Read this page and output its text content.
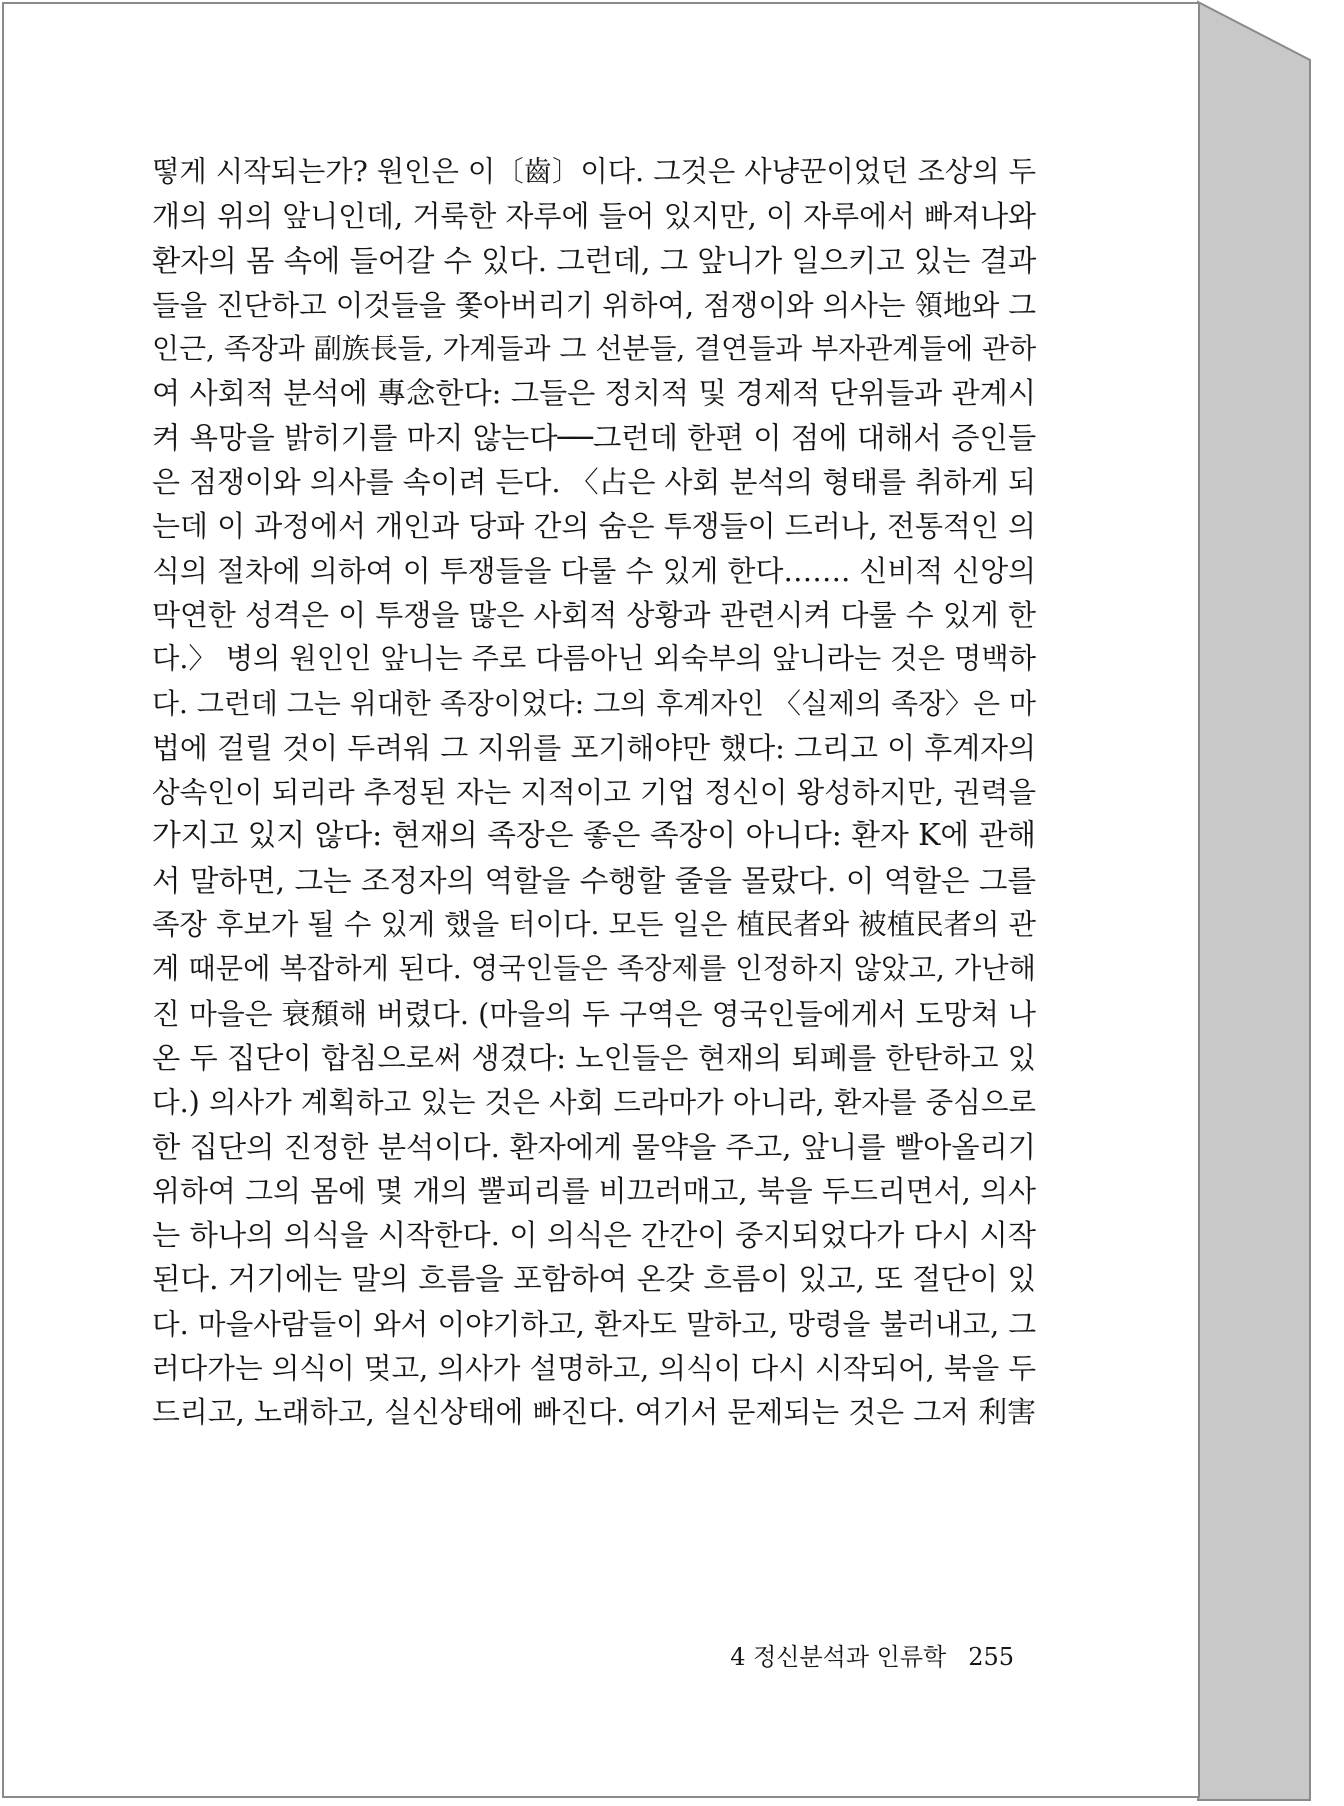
떻게 시작되는가? 원인은 이〔齒〕이다. 그것은 사냥꾼이었던 조상의 두
개의 위의 앞니인데, 거룩한 자루에 들어 있지만, 이 자루에서 빠져나와
환자의 몸 속에 들어갈 수 있다. 그런데, 그 앞니가 일으키고 있는 결과
들을 진단하고 이것들을 쫓아버리기 위하여, 점쟁이와 의사는 領地와 그
인근, 족장과 副族長들, 가계들과 그 선분들, 결연들과 부자관계들에 관하
여 사회적 분석에 專念한다: 그들은 정치적 및 경제적 단위들과 관계시
켜 욕망을 밝히기를 마지 않는다──그런데 한편 이 점에 대해서 증인들
은 점쟁이와 의사를 속이려 든다. 〈占은 사회 분석의 형태를 취하게 되
는데 이 과정에서 개인과 당파 간의 숨은 투쟁들이 드러나, 전통적인 의
식의 절차에 의하여 이 투쟁들을 다룰 수 있게 한다……. 신비적 신앙의
막연한 성격은 이 투쟁을 많은 사회적 상황과 관련시켜 다룰 수 있게 한
다.〉 병의 원인인 앞니는 주로 다름아닌 외숙부의 앞니라는 것은 명백하
다. 그런데 그는 위대한 족장이었다: 그의 후계자인 〈실제의 족장〉은 마
법에 걸릴 것이 두려워 그 지위를 포기해야만 했다: 그리고 이 후계자의
상속인이 되리라 추정된 자는 지적이고 기업 정신이 왕성하지만, 권력을
가지고 있지 않다: 현재의 족장은 좋은 족장이 아니다: 환자 K에 관해
서 말하면, 그는 조정자의 역할을 수행할 줄을 몰랐다. 이 역할은 그를
족장 후보가 될 수 있게 했을 터이다. 모든 일은 植民者와 被植民者의 관
계 때문에 복잡하게 된다. 영국인들은 족장제를 인정하지 않았고, 가난해
진 마을은 衰頹해 버렸다. (마을의 두 구역은 영국인들에게서 도망쳐 나
온 두 집단이 합침으로써 생겼다: 노인들은 현재의 퇴폐를 한탄하고 있
다.) 의사가 계획하고 있는 것은 사회 드라마가 아니라, 환자를 중심으로
한 집단의 진정한 분석이다. 환자에게 물약을 주고, 앞니를 빨아올리기
위하여 그의 몸에 몇 개의 뿔피리를 비끄러매고, 북을 두드리면서, 의사
는 하나의 의식을 시작한다. 이 의식은 간간이 중지되었다가 다시 시작
된다. 거기에는 말의 흐름을 포함하여 온갖 흐름이 있고, 또 절단이 있
다. 마을사람들이 와서 이야기하고, 환자도 말하고, 망령을 불러내고, 그
러다가는 의식이 멎고, 의사가 설명하고, 의식이 다시 시작되어, 북을 두
드리고, 노래하고, 실신상태에 빠진다. 여기서 문제되는 것은 그저 利害
4 정신분석과 인류학 255
